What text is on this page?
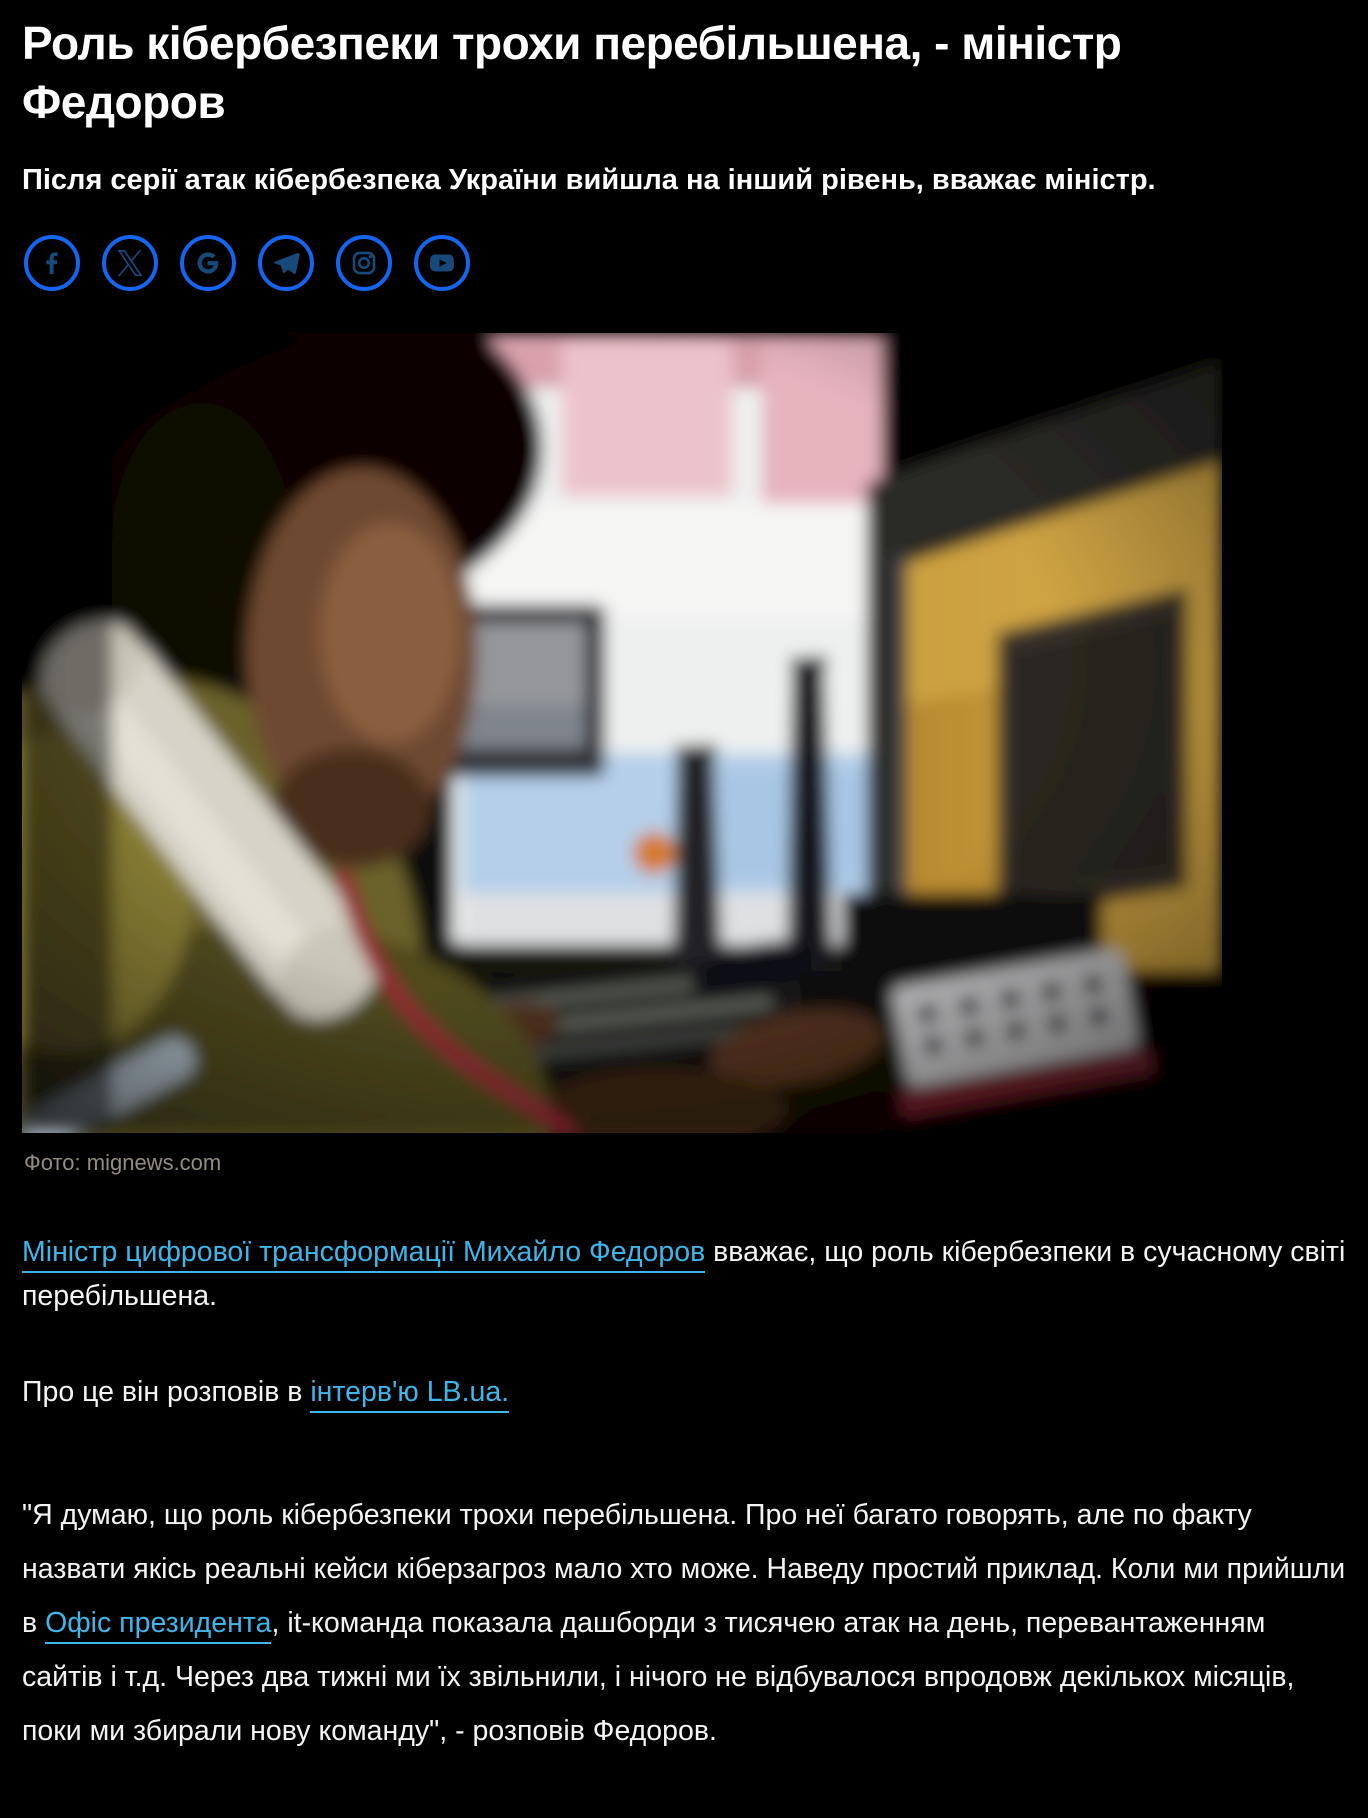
Роль кібербезпеки трохи перебільшена, - міністр Федоров

Після серії атак кібербезпека України вийшла на інший рівень, вважає міністр.

Фото: mignews.com

Міністр цифрової трансформації Михайло Федоров вважає, що роль кібербезпеки в сучасному світі перебільшена.

Про це він розповів в інтерв'ю LB.ua.

"Я думаю, що роль кібербезпеки трохи перебільшена. Про неї багато говорять, але по факту назвати якісь реальні кейси кіберзагроз мало хто може. Наведу простий приклад. Коли ми прийшли в Офіс президента, it-команда показала дашборди з тисячею атак на день, перевантаженням сайтів і т.д. Через два тижні ми їх звільнили, і нічого не відбувалося впродовж декількох місяців, поки ми збирали нову команду", - розповів Федоров.
